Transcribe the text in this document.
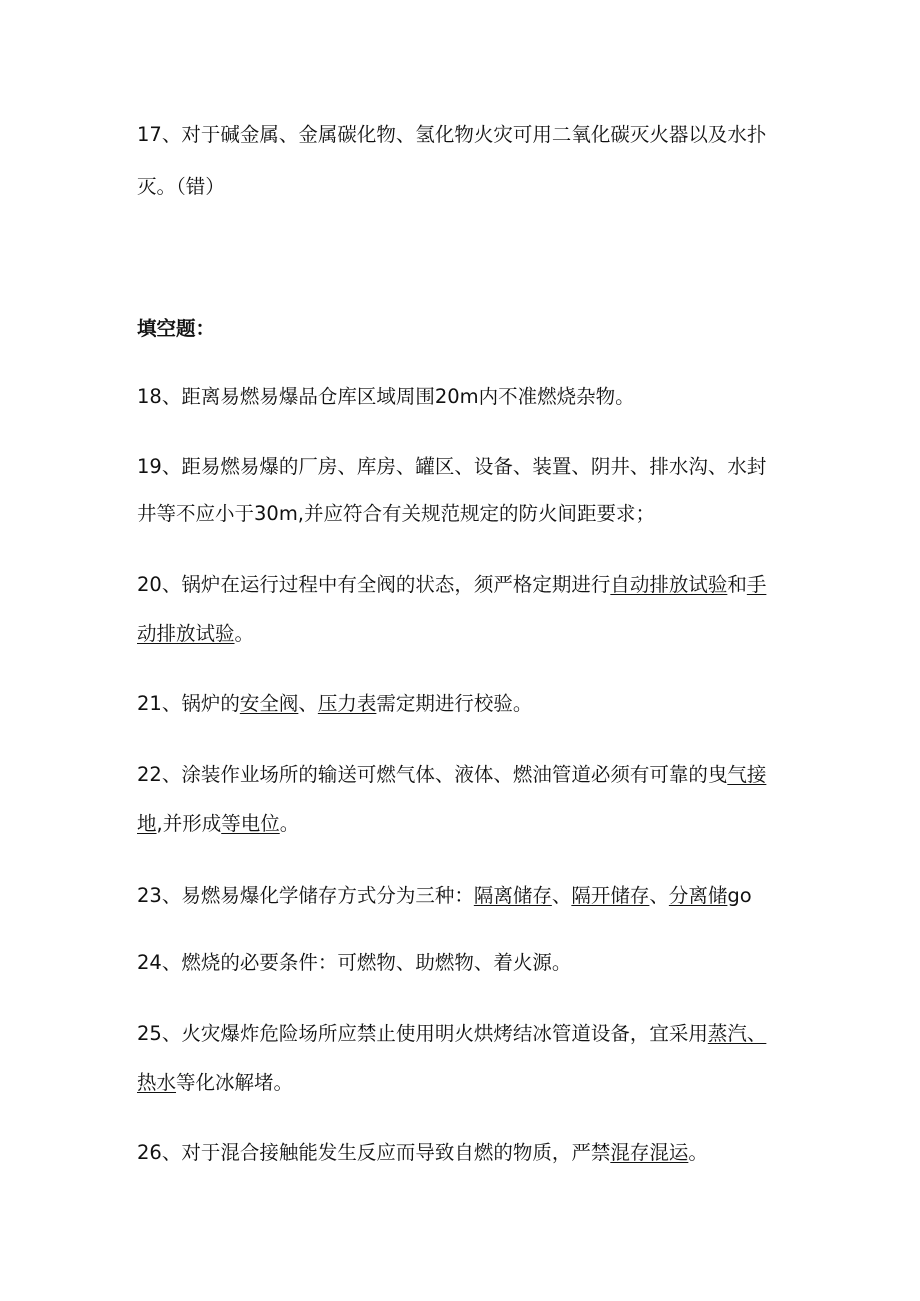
17、对于碱金属、金属碳化物、氢化物火灾可用二氧化碳灭火器以及水扑

灭。（错）

填空题：

18、距离易燃易爆品仓库区域周围20m内不准燃烧杂物。

19、距易燃易爆的厂房、库房、罐区、设备、装置、阴井、排水沟、水封

井等不应小于30m,并应符合有关规范规定的防火间距要求；

20、锅炉在运行过程中有全阀的状态，须严格定期进行自动排放试验和手

动排放试验。

21、锅炉的安全阀、压力表需定期进行校验。

22、涂装作业场所的输送可燃气体、液体、燃油管道必须有可靠的曳气接

地,并形成等电位。

23、易燃易爆化学储存方式分为三种：隔离储存、隔开储存、分离储go

24、燃烧的必要条件：可燃物、助燃物、着火源。

25、火灾爆炸危险场所应禁止使用明火烘烤结冰管道设备，宜采用蒸汽、

热水等化冰解堵。

26、对于混合接触能发生反应而导致自燃的物质，严禁混存混运。
